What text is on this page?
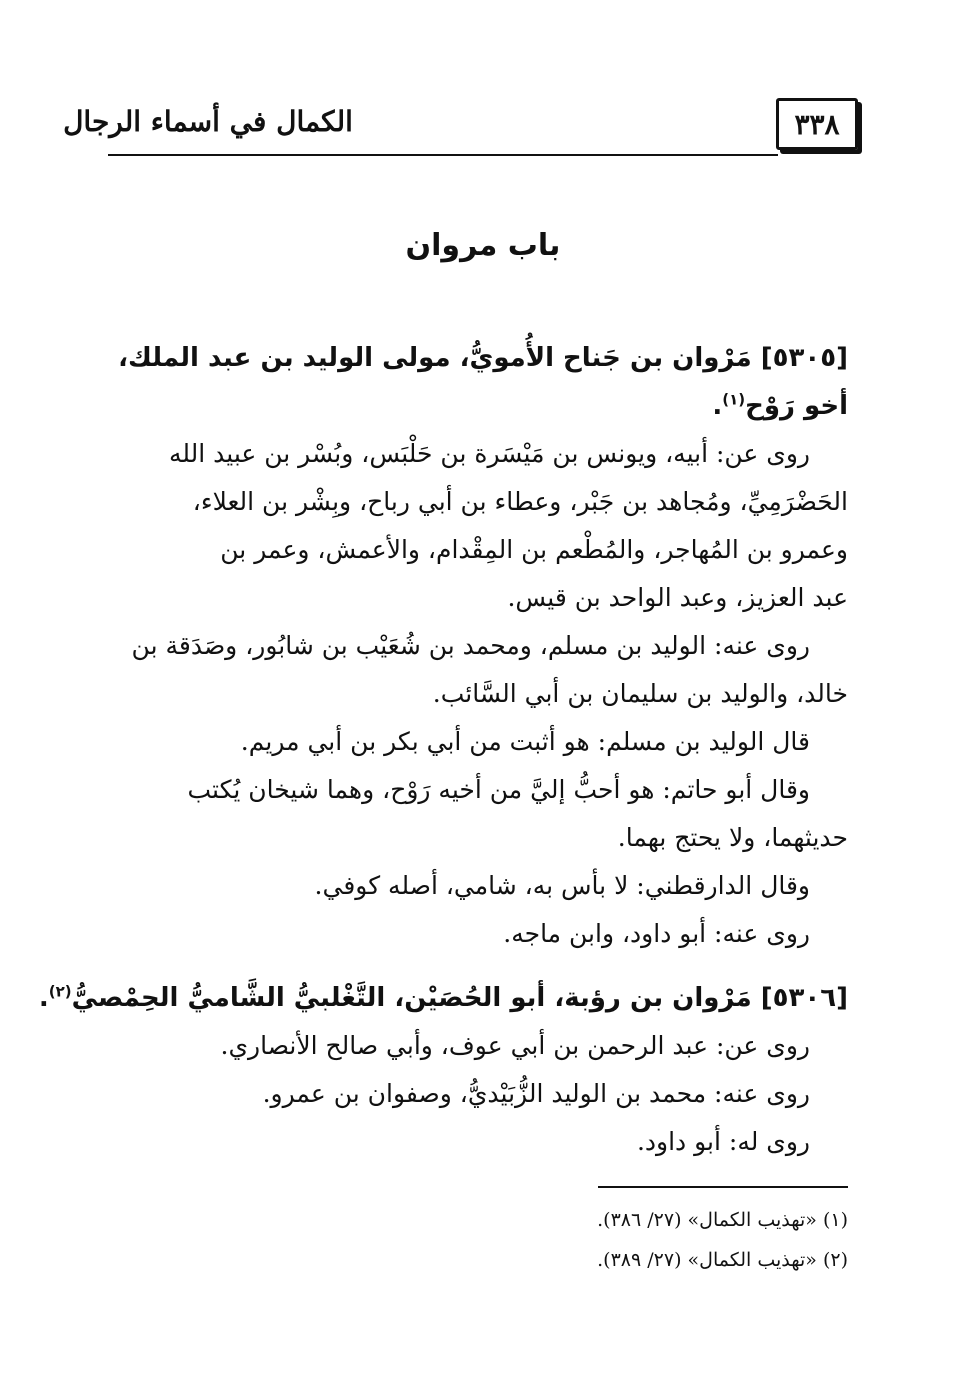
٣٣٨
الكمال في أسماء الرجال
باب مروان
[٥٣٠٥] مَرْوان بن جَناح الأُمويُّ، مولى الوليد بن عبد الملك،
أخو رَوْح$^{(١)}$.
روى عن: أبيه، ويونس بن مَيْسَرة بن حَلْبَس، وبُسْر بن عبيد الله
الحَضْرَمِيِّ، ومُجاهد بن جَبْر، وعطاء بن أبي رباح، وبِشْر بن العلاء،
وعمرو بن المُهاجر، والمُطْعم بن المِقْدام، والأعمش، وعمر بن
عبد العزيز، وعبد الواحد بن قيس.
روى عنه: الوليد بن مسلم، ومحمد بن شُعَيْب بن شابُور، وصَدَقة بن
خالد، والوليد بن سليمان بن أبي السَّائب.
قال الوليد بن مسلم: هو أثبت من أبي بكر بن أبي مريم.
وقال أبو حاتم: هو أحبُّ إليَّ من أخيه رَوْح، وهما شيخان يُكتب
حديثهما، ولا يحتج بهما.
وقال الدارقطني: لا بأس به، شامي، أصله كوفي.
روى عنه: أبو داود، وابن ماجه.
[٥٣٠٦] مَرْوان بن رؤبة، أبو الحُصَيْن، التَّغْلبيُّ الشَّاميُّ الحِمْصيُّ$^{(٢)}$.
روى عن: عبد الرحمن بن أبي عوف، وأبي صالح الأنصاري.
روى عنه: محمد بن الوليد الزُّبَيْديُّ، وصفوان بن عمرو.
روى له: أبو داود.
(١) «تهذيب الكمال» (٢٧/ ٣٨٦).
(٢) «تهذيب الكمال» (٢٧/ ٣٨٩).
